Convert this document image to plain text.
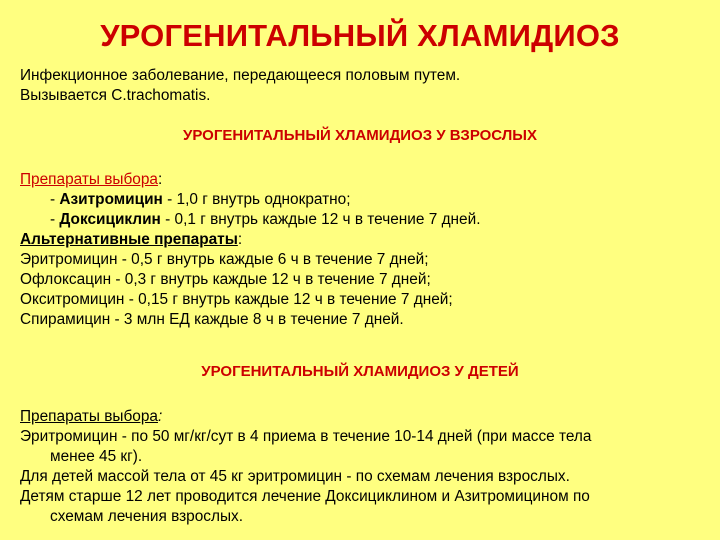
УРОГЕНИТАЛЬНЫЙ ХЛАМИДИОЗ
Инфекционное заболевание, передающееся половым путем.
Вызывается C.trachomatis.
УРОГЕНИТАЛЬНЫЙ ХЛАМИДИОЗ У ВЗРОСЛЫХ
Препараты выбора:
- Азитромицин - 1,0 г внутрь однократно;
- Доксициклин - 0,1 г внутрь каждые 12 ч в течение 7 дней.
Альтернативные препараты:
Эритромицин - 0,5 г внутрь каждые 6 ч в течение 7 дней;
Офлоксацин - 0,3 г внутрь каждые 12 ч в течение 7 дней;
Окситромицин - 0,15 г внутрь каждые 12 ч в течение 7 дней;
Спирамицин - 3 млн ЕД каждые 8 ч в течение 7 дней.
УРОГЕНИТАЛЬНЫЙ ХЛАМИДИОЗ У ДЕТЕЙ
Препараты выбора:
Эритромицин - по 50 мг/кг/сут в 4 приема в течение 10-14 дней (при массе тела
менее 45 кг).
Для детей массой тела от 45 кг эритромицин - по схемам лечения взрослых.
Детям старше 12 лет проводится лечение Доксициклином и Азитромицином по
схемам лечения взрослых.
